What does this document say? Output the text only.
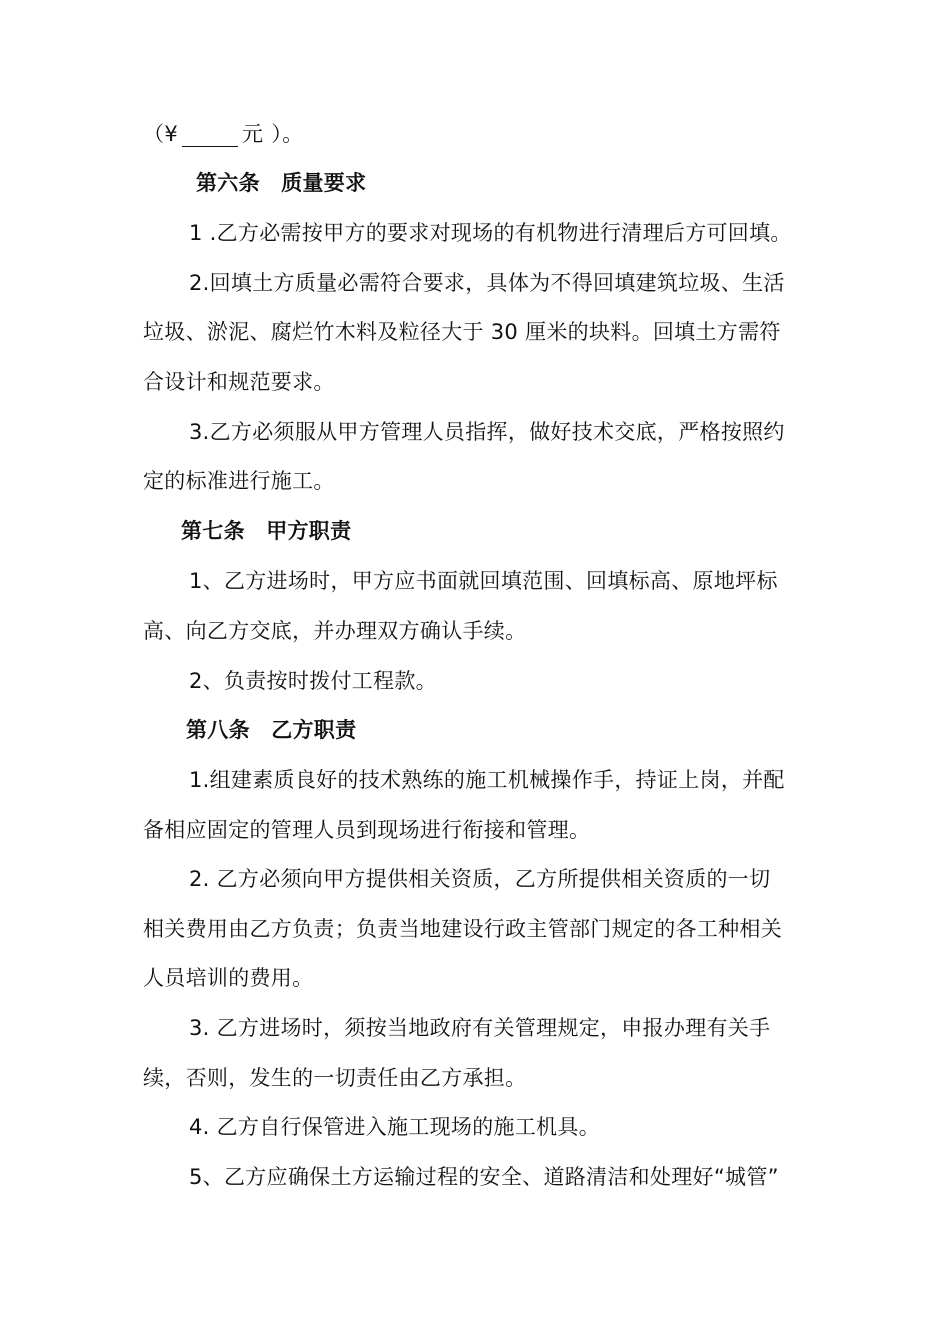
（¥	元 ）。
第六条　质量要求
1 .乙方必需按甲方的要求对现场的有机物进行清理后方可回填。
2.回填土方质量必需符合要求，具体为不得回填建筑垃圾、生活
垃圾、淤泥、腐烂竹木料及粒径大于 30 厘米的块料。回填土方需符
合设计和规范要求。
3.乙方必须服从甲方管理人员指挥，做好技术交底，严格按照约
定的标准进行施工。
第七条　甲方职责
1、乙方进场时，甲方应书面就回填范围、回填标高、原地坪标
高、向乙方交底，并办理双方确认手续。
2、负责按时拨付工程款。
第八条　乙方职责
1.组建素质良好的技术熟练的施工机械操作手，持证上岗，并配
备相应固定的管理人员到现场进行衔接和管理。
2. 乙方必须向甲方提供相关资质，乙方所提供相关资质的一切
相关费用由乙方负责；负责当地建设行政主管部门规定的各工种相关
人员培训的费用。
3. 乙方进场时，须按当地政府有关管理规定，申报办理有关手
续，否则，发生的一切责任由乙方承担。
4. 乙方自行保管进入施工现场的施工机具。
5、乙方应确保土方运输过程的安全、道路清洁和处理好“城管”
